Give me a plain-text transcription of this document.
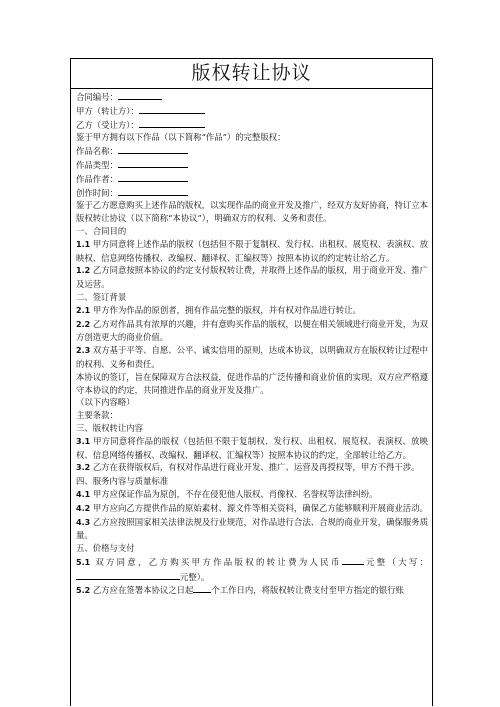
版权转让协议
合同编号：
甲方（转让方）：
乙方（受让方）：
鉴于甲方拥有以下作品（以下简称“作品”）的完整版权：
作品名称：
作品类型：
作品作者：
创作时间：
鉴于乙方愿意购买上述作品的版权，以实现作品的商业开发及推广，经双方友好协商，特订立本版权转让协议（以下简称“本协议”），明确双方的权利、义务和责任。
一、合同目的
1.1 甲方同意将上述作品的版权（包括但不限于复制权、发行权、出租权、展览权、表演权、放映权、信息网络传播权、改编权、翻译权、汇编权等）按照本协议的约定转让给乙方。
1.2 乙方同意按照本协议的约定支付版权转让费，并取得上述作品的版权，用于商业开发、推广及运营。
二、签订背景
2.1 甲方作为作品的原创者，拥有作品完整的版权，并有权对作品进行转让。
2.2 乙方对作品具有浓厚的兴趣，并有意购买作品的版权，以便在相关领域进行商业开发，为双方创造更大的商业价值。
2.3 双方基于平等、自愿、公平、诚实信用的原则，达成本协议，以明确双方在版权转让过程中的权利、义务和责任。
本协议的签订，旨在保障双方合法权益，促进作品的广泛传播和商业价值的实现。双方应严格遵守本协议的约定，共同推进作品的商业开发及推广。
（以下内容略）
主要条款：
三、版权转让内容
3.1 甲方同意将作品的版权（包括但不限于复制权、发行权、出租权、展览权、表演权、放映权、信息网络传播权、改编权、翻译权、汇编权等）按照本协议的约定，全部转让给乙方。
3.2 乙方在获得版权后，有权对作品进行商业开发、推广、运营及再授权等，甲方不得干涉。
四、服务内容与质量标准
4.1 甲方应保证作品为原创，不存在侵犯他人版权、肖像权、名誉权等法律纠纷。
4.2 甲方应向乙方提供作品的原始素材、源文件等相关资料，确保乙方能够顺利开展商业活动。
4.3 乙方应按照国家相关法律法规及行业规范，对作品进行合法、合规的商业开发，确保服务质量。
五、价格与支付
5.1 双方同意，乙方购买甲方作品版权的转让费为人民币	元整（大写：元整）。
5.2 乙方应在签署本协议之日起 个工作日内，将版权转让费支付至甲方指定的银行账
